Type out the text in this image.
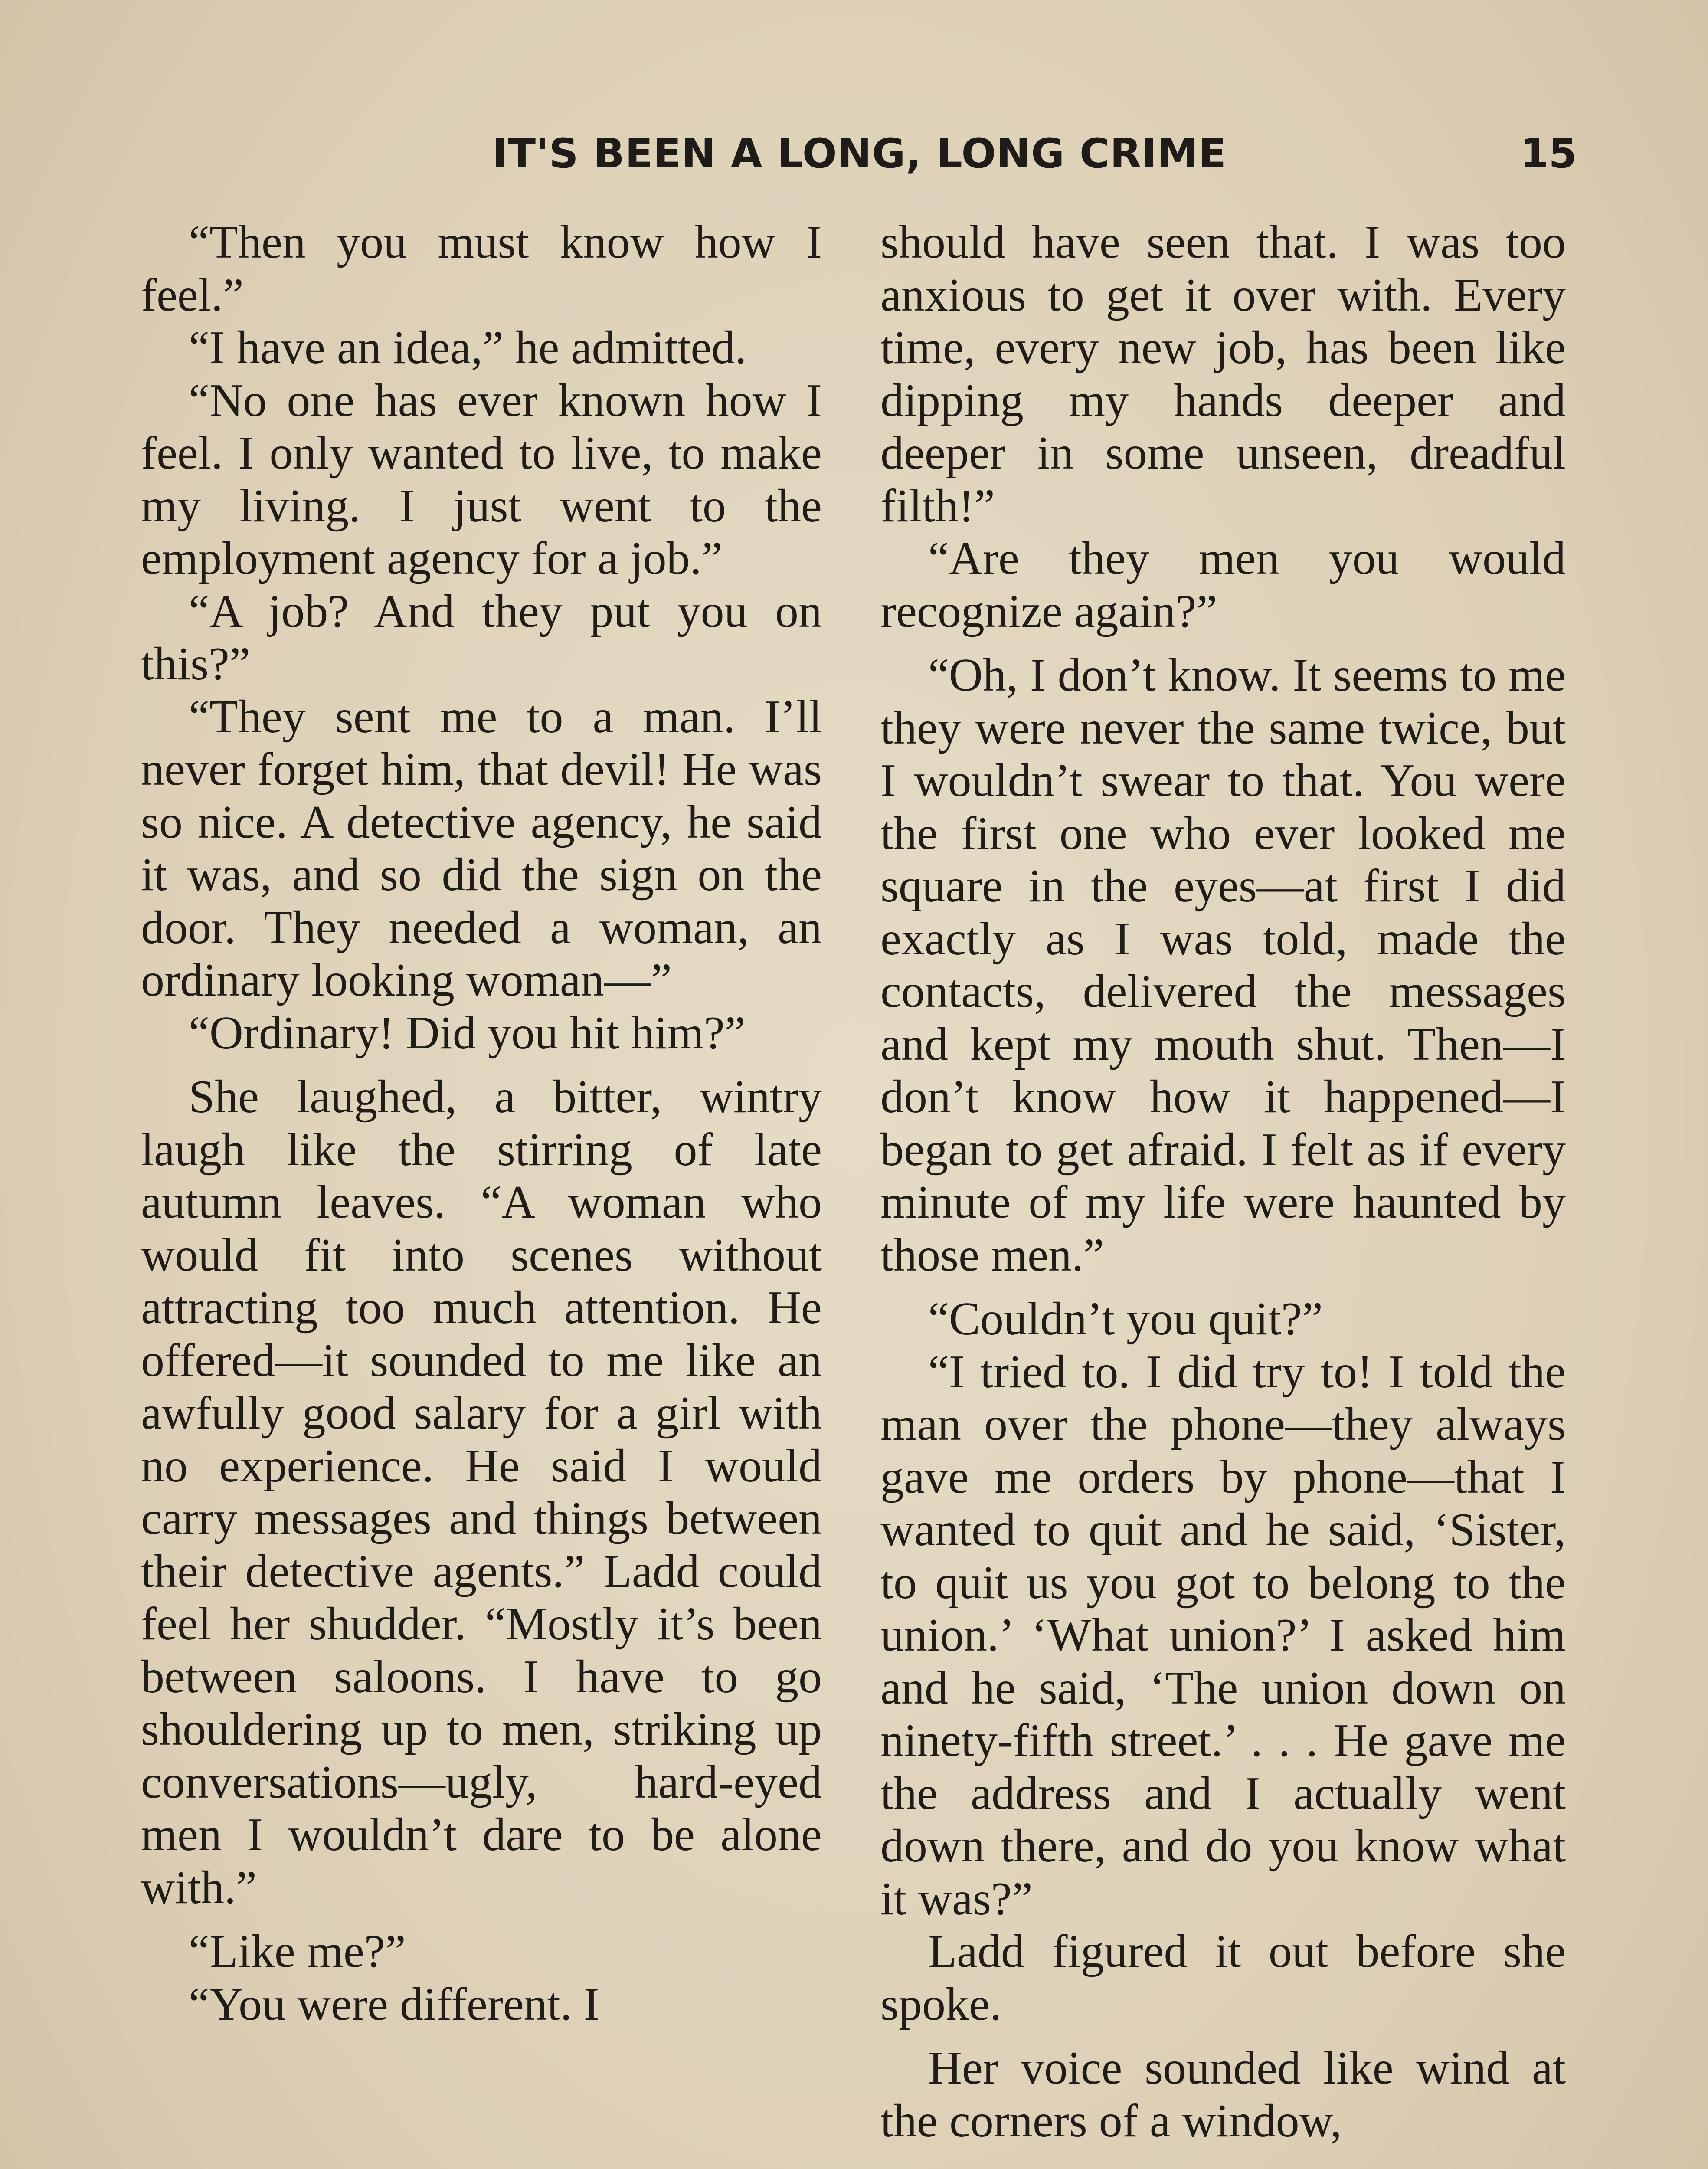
IT'S BEEN A LONG, LONG CRIME	15

“Then you must know how I feel.”

“I have an idea,” he admitted.

“No one has ever known how I feel. I only wanted to live, to make my living. I just went to the employment agency for a job.”

“A job? And they put you on this?”

“They sent me to a man. I’ll never forget him, that devil! He was so nice. A detective agency, he said it was, and so did the sign on the door. They needed a woman, an ordinary looking woman—”

“Ordinary! Did you hit him?”

She laughed, a bitter, wintry laugh like the stirring of late autumn leaves. “A woman who would fit into scenes without attracting too much attention. He offered—it sounded to me like an awfully good salary for a girl with no experience. He said I would carry messages and things between their detective agents.” Ladd could feel her shudder. “Mostly it’s been between saloons. I have to go shouldering up to men, striking up conversations—ugly, hard-eyed men I wouldn’t dare to be alone with.”

“Like me?”

“You were different. I

should have seen that. I was too anxious to get it over with. Every time, every new job, has been like dipping my hands deeper and deeper in some unseen, dreadful filth!”

“Are they men you would recognize again?”

“Oh, I don’t know. It seems to me they were never the same twice, but I wouldn’t swear to that. You were the first one who ever looked me square in the eyes—at first I did exactly as I was told, made the contacts, delivered the messages and kept my mouth shut. Then—I don’t know how it happened—I began to get afraid. I felt as if every minute of my life were haunted by those men.”

“Couldn’t you quit?”

“I tried to. I did try to! I told the man over the phone—they always gave me orders by phone—that I wanted to quit and he said, ‘Sister, to quit us you got to belong to the union.’ ‘What union?’ I asked him and he said, ‘The union down on ninety-fifth street.’ . . . He gave me the address and I actually went down there, and do you know what it was?”

Ladd figured it out before she spoke.

Her voice sounded like wind at the corners of a window,
